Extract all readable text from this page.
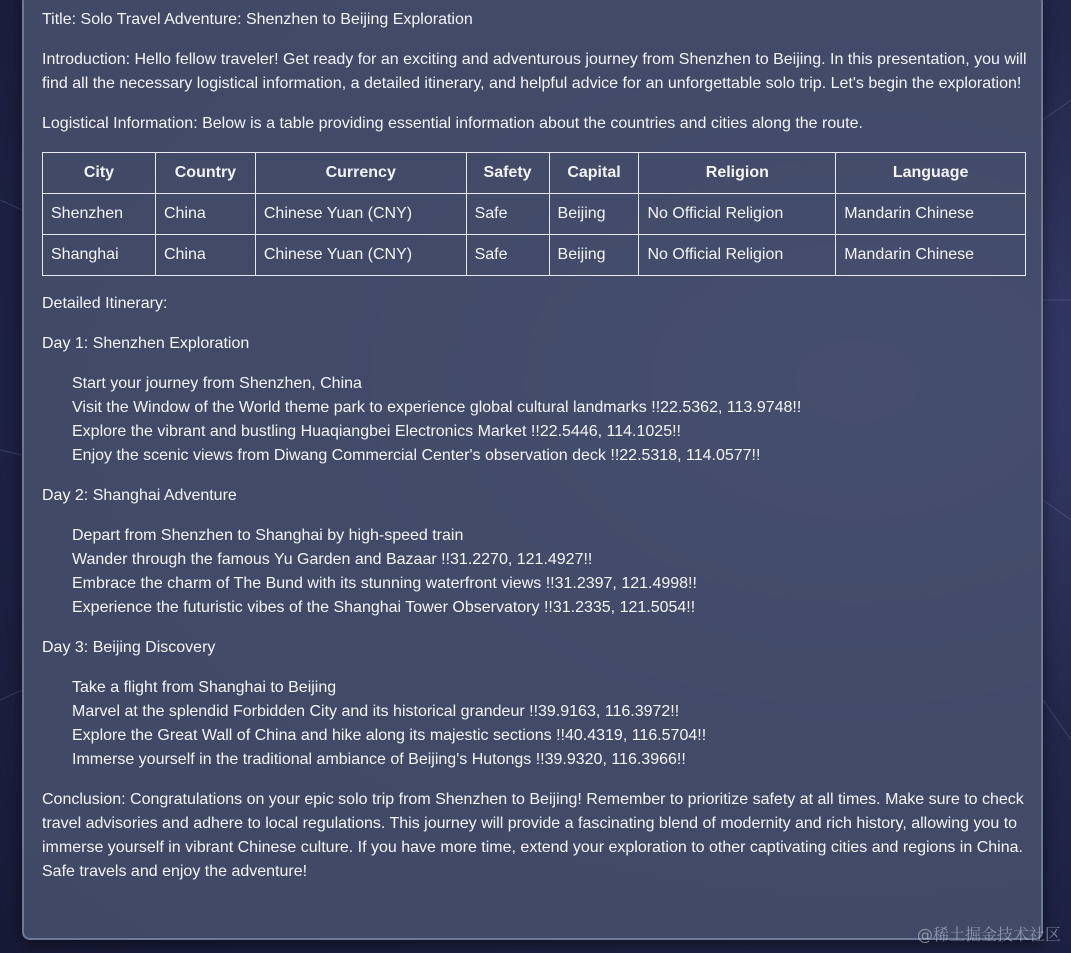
Title: Solo Travel Adventure: Shenzhen to Beijing Exploration

Introduction: Hello fellow traveler! Get ready for an exciting and adventurous journey from Shenzhen to Beijing. In this presentation, you will find all the necessary logistical information, a detailed itinerary, and helpful advice for an unforgettable solo trip. Let's begin the exploration!

Logistical Information: Below is a table providing essential information about the countries and cities along the route.

City	Country	Currency	Safety	Capital	Religion	Language
Shenzhen	China	Chinese Yuan (CNY)	Safe	Beijing	No Official Religion	Mandarin Chinese
Shanghai	China	Chinese Yuan (CNY)	Safe	Beijing	No Official Religion	Mandarin Chinese

Detailed Itinerary:

Day 1: Shenzhen Exploration

Start your journey from Shenzhen, China
Visit the Window of the World theme park to experience global cultural landmarks !!22.5362, 113.9748!!
Explore the vibrant and bustling Huaqiangbei Electronics Market !!22.5446, 114.1025!!
Enjoy the scenic views from Diwang Commercial Center's observation deck !!22.5318, 114.0577!!

Day 2: Shanghai Adventure

Depart from Shenzhen to Shanghai by high-speed train
Wander through the famous Yu Garden and Bazaar !!31.2270, 121.4927!!
Embrace the charm of The Bund with its stunning waterfront views !!31.2397, 121.4998!!
Experience the futuristic vibes of the Shanghai Tower Observatory !!31.2335, 121.5054!!

Day 3: Beijing Discovery

Take a flight from Shanghai to Beijing
Marvel at the splendid Forbidden City and its historical grandeur !!39.9163, 116.3972!!
Explore the Great Wall of China and hike along its majestic sections !!40.4319, 116.5704!!
Immerse yourself in the traditional ambiance of Beijing's Hutongs !!39.9320, 116.3966!!

Conclusion: Congratulations on your epic solo trip from Shenzhen to Beijing! Remember to prioritize safety at all times. Make sure to check travel advisories and adhere to local regulations. This journey will provide a fascinating blend of modernity and rich history, allowing you to immerse yourself in vibrant Chinese culture. If you have more time, extend your exploration to other captivating cities and regions in China. Safe travels and enjoy the adventure!

@稀土掘金技术社区
